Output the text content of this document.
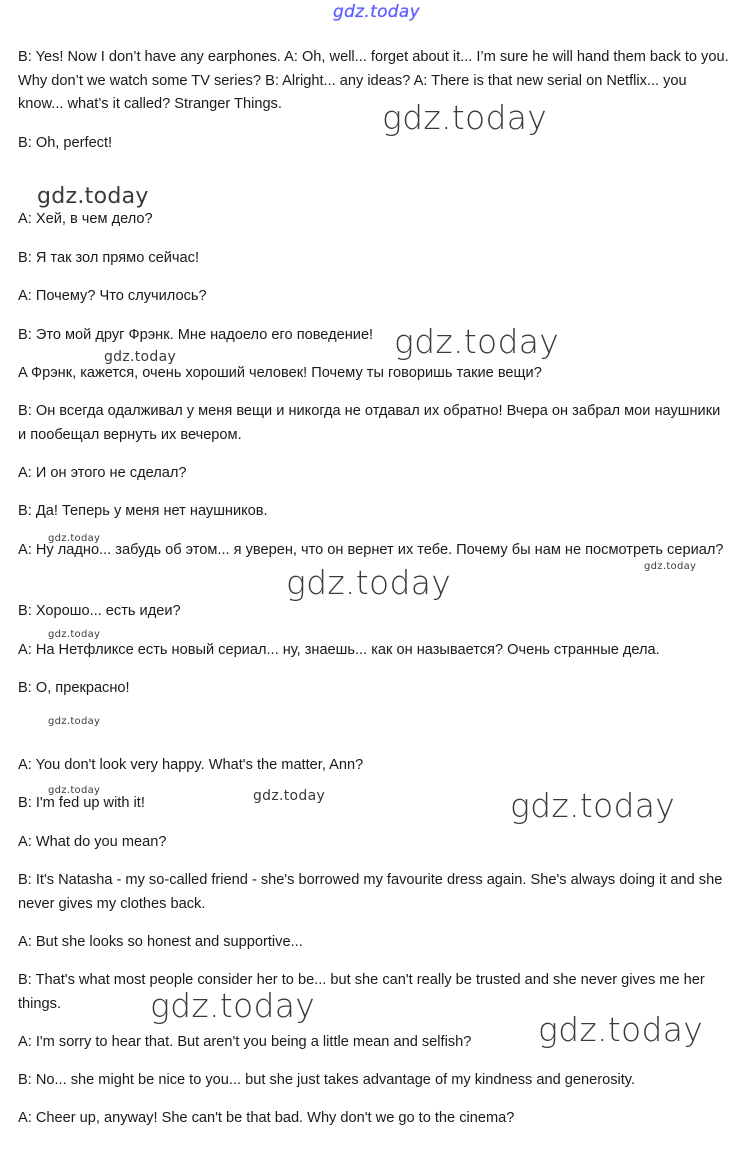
gdz.today

B: Yes! Now I don’t have any earphones. A: Oh, well... forget about it... I’m sure he will hand them back to you. Why don’t we watch some TV series? B: Alright... any ideas? A: There is that new serial on Netflix... you know... what’s it called? Stranger Things.

B: Oh, perfect!

A: Хей, в чем дело?

B: Я так зол прямо сейчас!

A: Почему? Что случилось?

B: Это мой друг Фрэнк. Мне надоело его поведение!

A Фрэнк, кажется, очень хороший человек! Почему ты говоришь такие вещи?

B: Он всегда одалживал у меня вещи и никогда не отдавал их обратно! Вчера он забрал мои наушники и пообещал вернуть их вечером.

A: И он этого не сделал?

B: Да! Теперь у меня нет наушников.

A: Ну ладно... забудь об этом... я уверен, что он вернет их тебе. Почему бы нам не посмотреть сериал?

B: Хорошо... есть идеи?

A: На Нетфликсе есть новый сериал... ну, знаешь... как он называется? Очень странные дела.

B: О, прекрасно!

A: You don't look very happy. What's the matter, Ann?

B: I'm fed up with it!

A: What do you mean?

B: It's Natasha - my so-called friend - she's borrowed my favourite dress again. She's always doing it and she never gives my clothes back.

A: But she looks so honest and supportive...

B: That's what most people consider her to be... but she can't really be trusted and she never gives me her things.

A: I'm sorry to hear that. But aren't you being a little mean and selfish?

B: No... she might be nice to you... but she just takes advantage of my kindness and generosity.

A: Cheer up, anyway! She can't be that bad. Why don't we go to the cinema?

gdz.today
gdz.today
gdz.today
gdz.today
gdz.today
gdz.today
gdz.today
gdz.today
gdz.today
gdz.today	gdz.today	gdz.today
gdz.today
gdz.today
